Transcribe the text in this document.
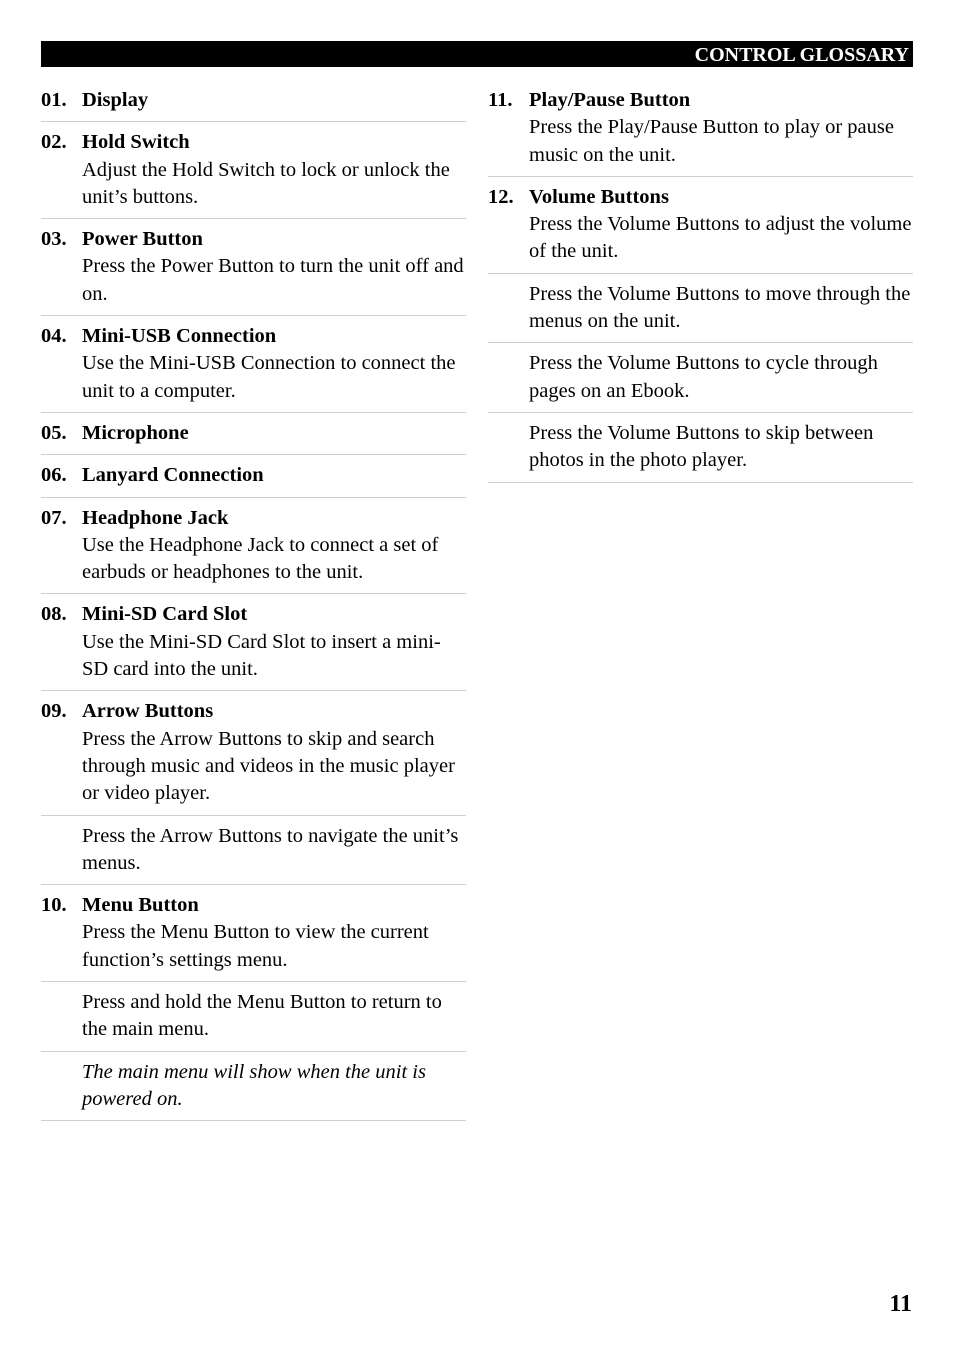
CONTROL GLOSSARY
01. Display
02. Hold Switch
Adjust the Hold Switch to lock or unlock the unit’s buttons.
03. Power Button
Press the Power Button to turn the unit off and on.
04. Mini-USB Connection
Use the Mini-USB Connection to connect the unit to a computer.
05. Microphone
06. Lanyard Connection
07. Headphone Jack
Use the Headphone Jack to connect a set of earbuds or headphones to the unit.
08. Mini-SD Card Slot
Use the Mini-SD Card Slot to insert a mini-SD card into the unit.
09. Arrow Buttons
Press the Arrow Buttons to skip and search through music and videos in the music player or video player.
Press the Arrow Buttons to navigate the unit’s menus.
10. Menu Button
Press the Menu Button to view the current function’s settings menu.
Press and hold the Menu Button to return to the main menu.
The main menu will show when the unit is powered on.
11. Play/Pause Button
Press the Play/Pause Button to play or pause music on the unit.
12. Volume Buttons
Press the Volume Buttons to adjust the volume of the unit.
Press the Volume Buttons to move through the menus on the unit.
Press the Volume Buttons to cycle through pages on an Ebook.
Press the Volume Buttons to skip between photos in the photo player.
11
